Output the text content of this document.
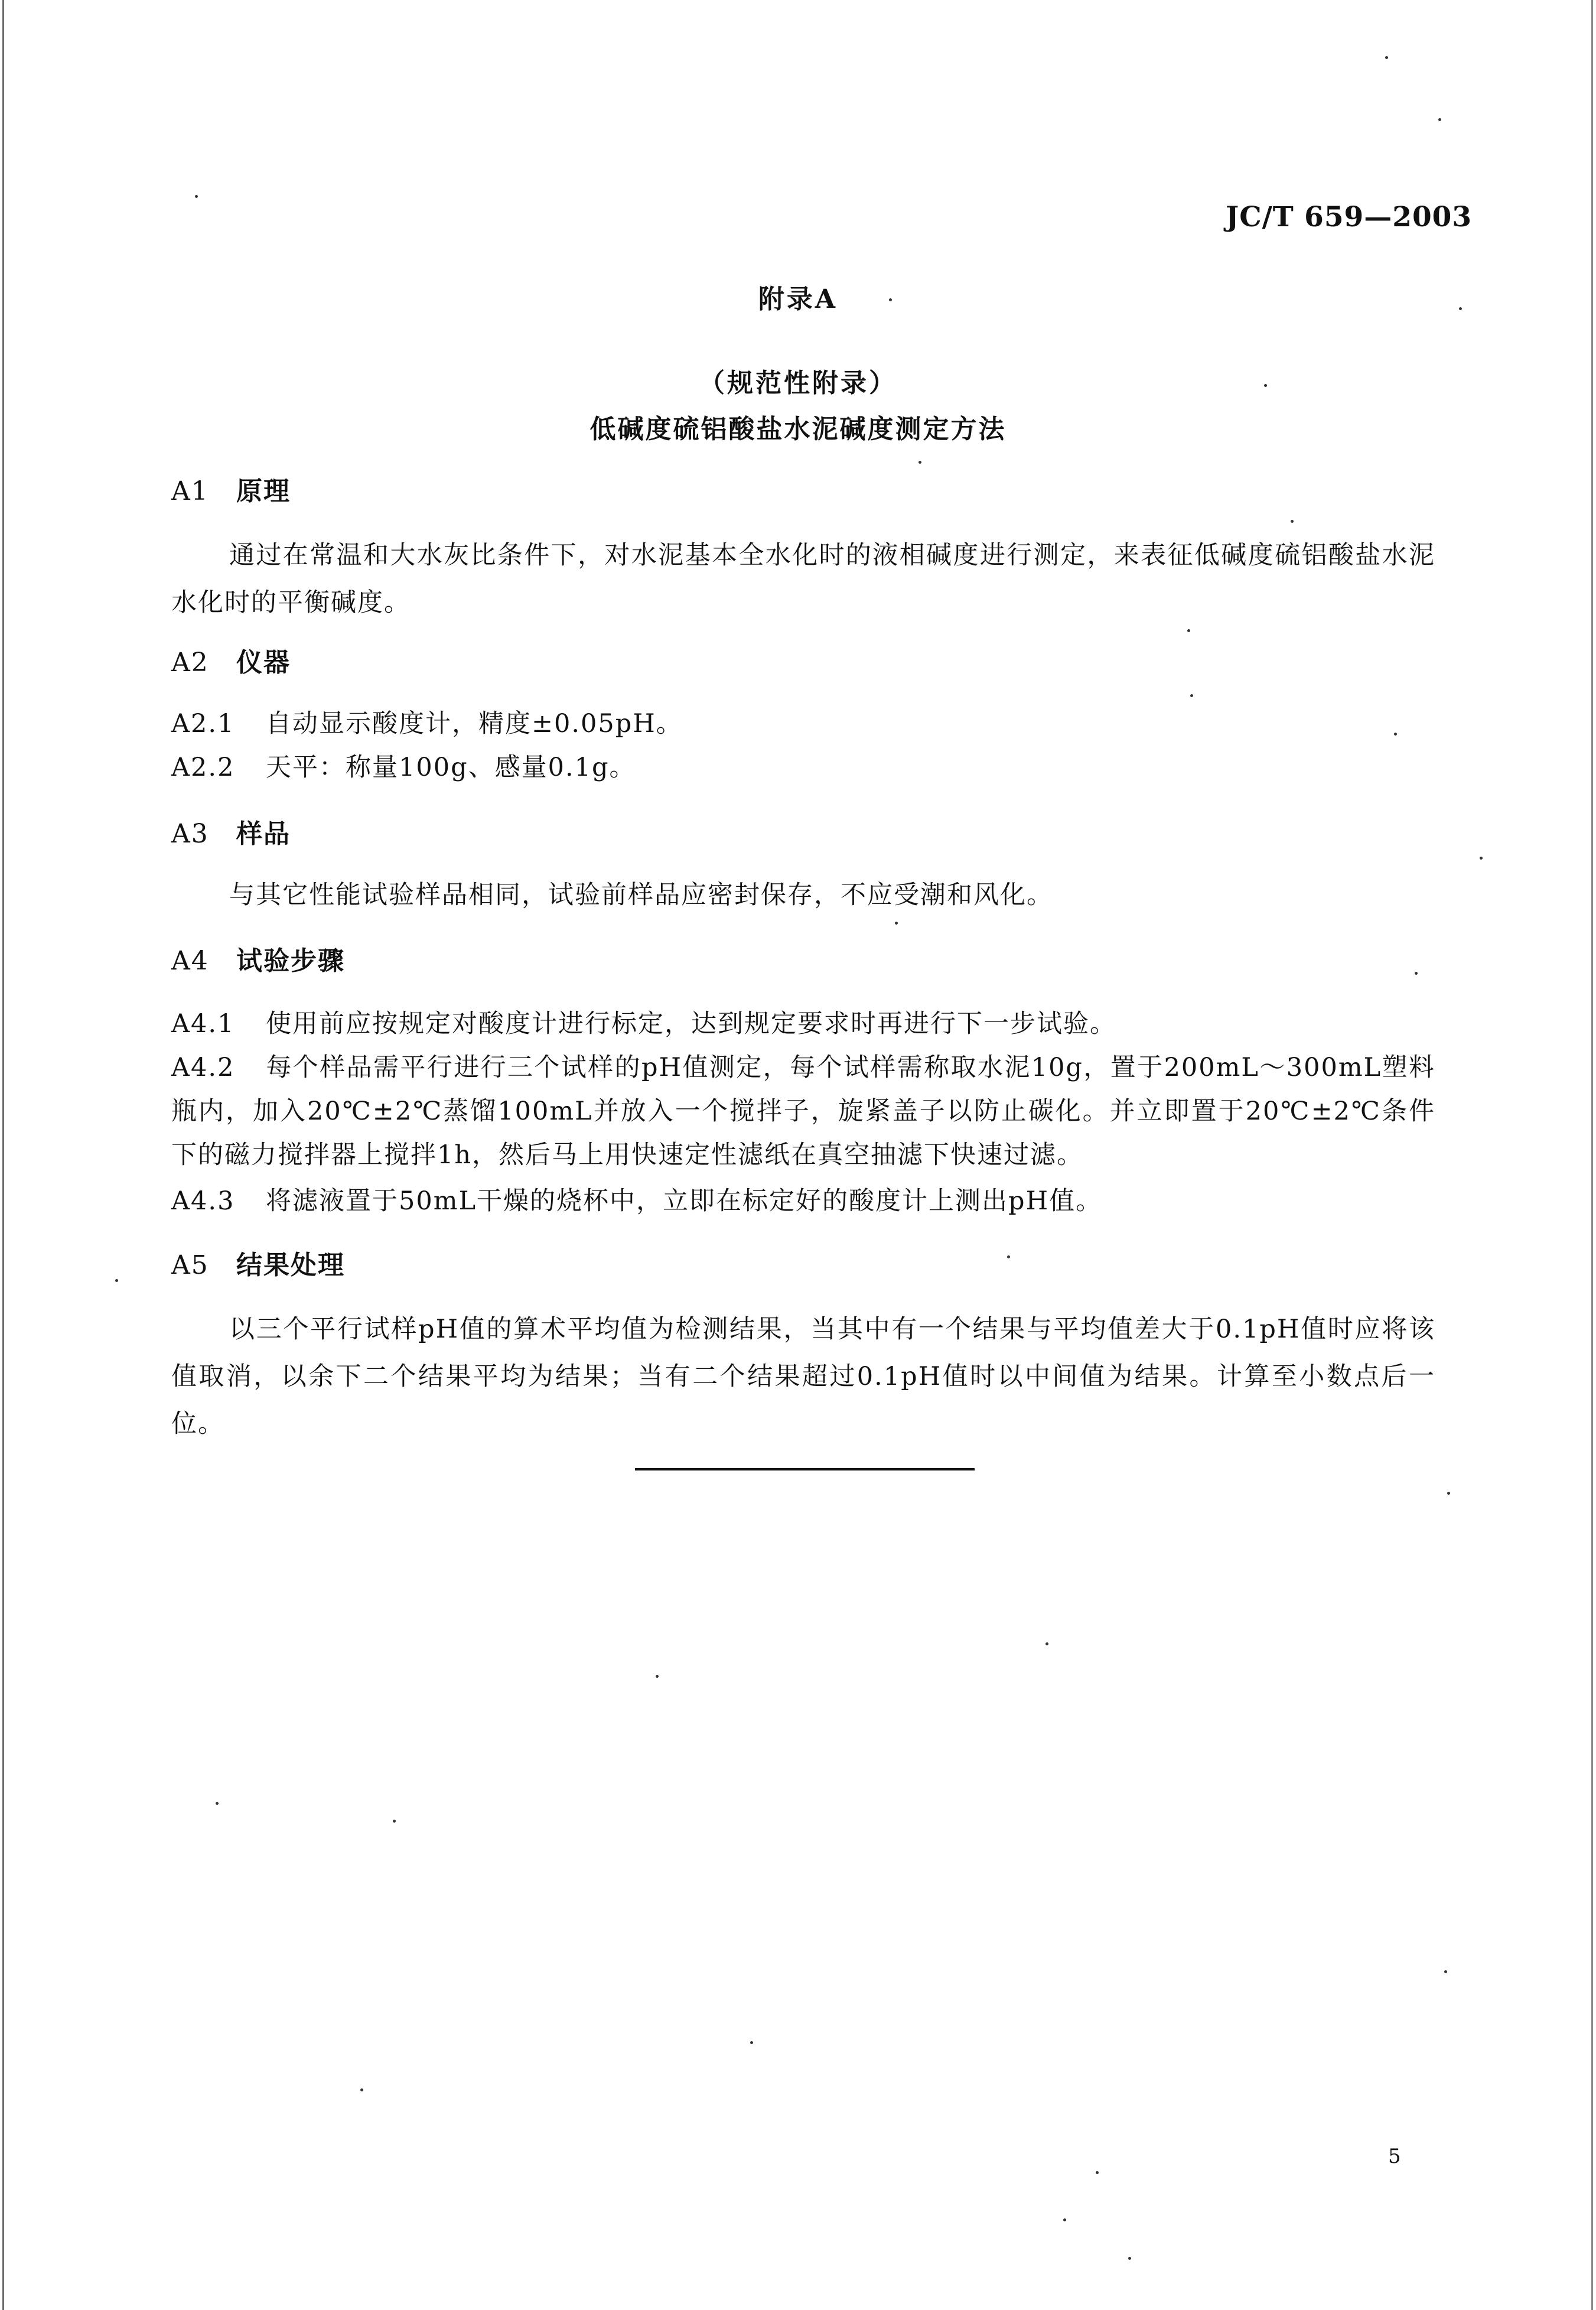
JC/T 659—2003
附录A
（规范性附录）
低碱度硫铝酸盐水泥碱度测定方法
A1 原理
通过在常温和大水灰比条件下，对水泥基本全水化时的液相碱度进行测定，来表征低碱度硫铝酸盐水泥水化时的平衡碱度。
A2 仪器
A2.1 自动显示酸度计，精度±0.05pH。
A2.2 天平：称量100g、感量0.1g。
A3 样品
与其它性能试验样品相同，试验前样品应密封保存，不应受潮和风化。
A4 试验步骤
A4.1 使用前应按规定对酸度计进行标定，达到规定要求时再进行下一步试验。
A4.2 每个样品需平行进行三个试样的pH值测定，每个试样需称取水泥10g，置于200mL～300mL塑料瓶内，加入20℃±2℃蒸馏100mL并放入一个搅拌子，旋紧盖子以防止碳化。并立即置于20℃±2℃条件下的磁力搅拌器上搅拌1h，然后马上用快速定性滤纸在真空抽滤下快速过滤。
A4.3 将滤液置于50mL干燥的烧杯中，立即在标定好的酸度计上测出pH值。
A5 结果处理
以三个平行试样pH值的算术平均值为检测结果，当其中有一个结果与平均值差大于0.1pH值时应将该值取消，以余下二个结果平均为结果；当有二个结果超过0.1pH值时以中间值为结果。计算至小数点后一位。
5
